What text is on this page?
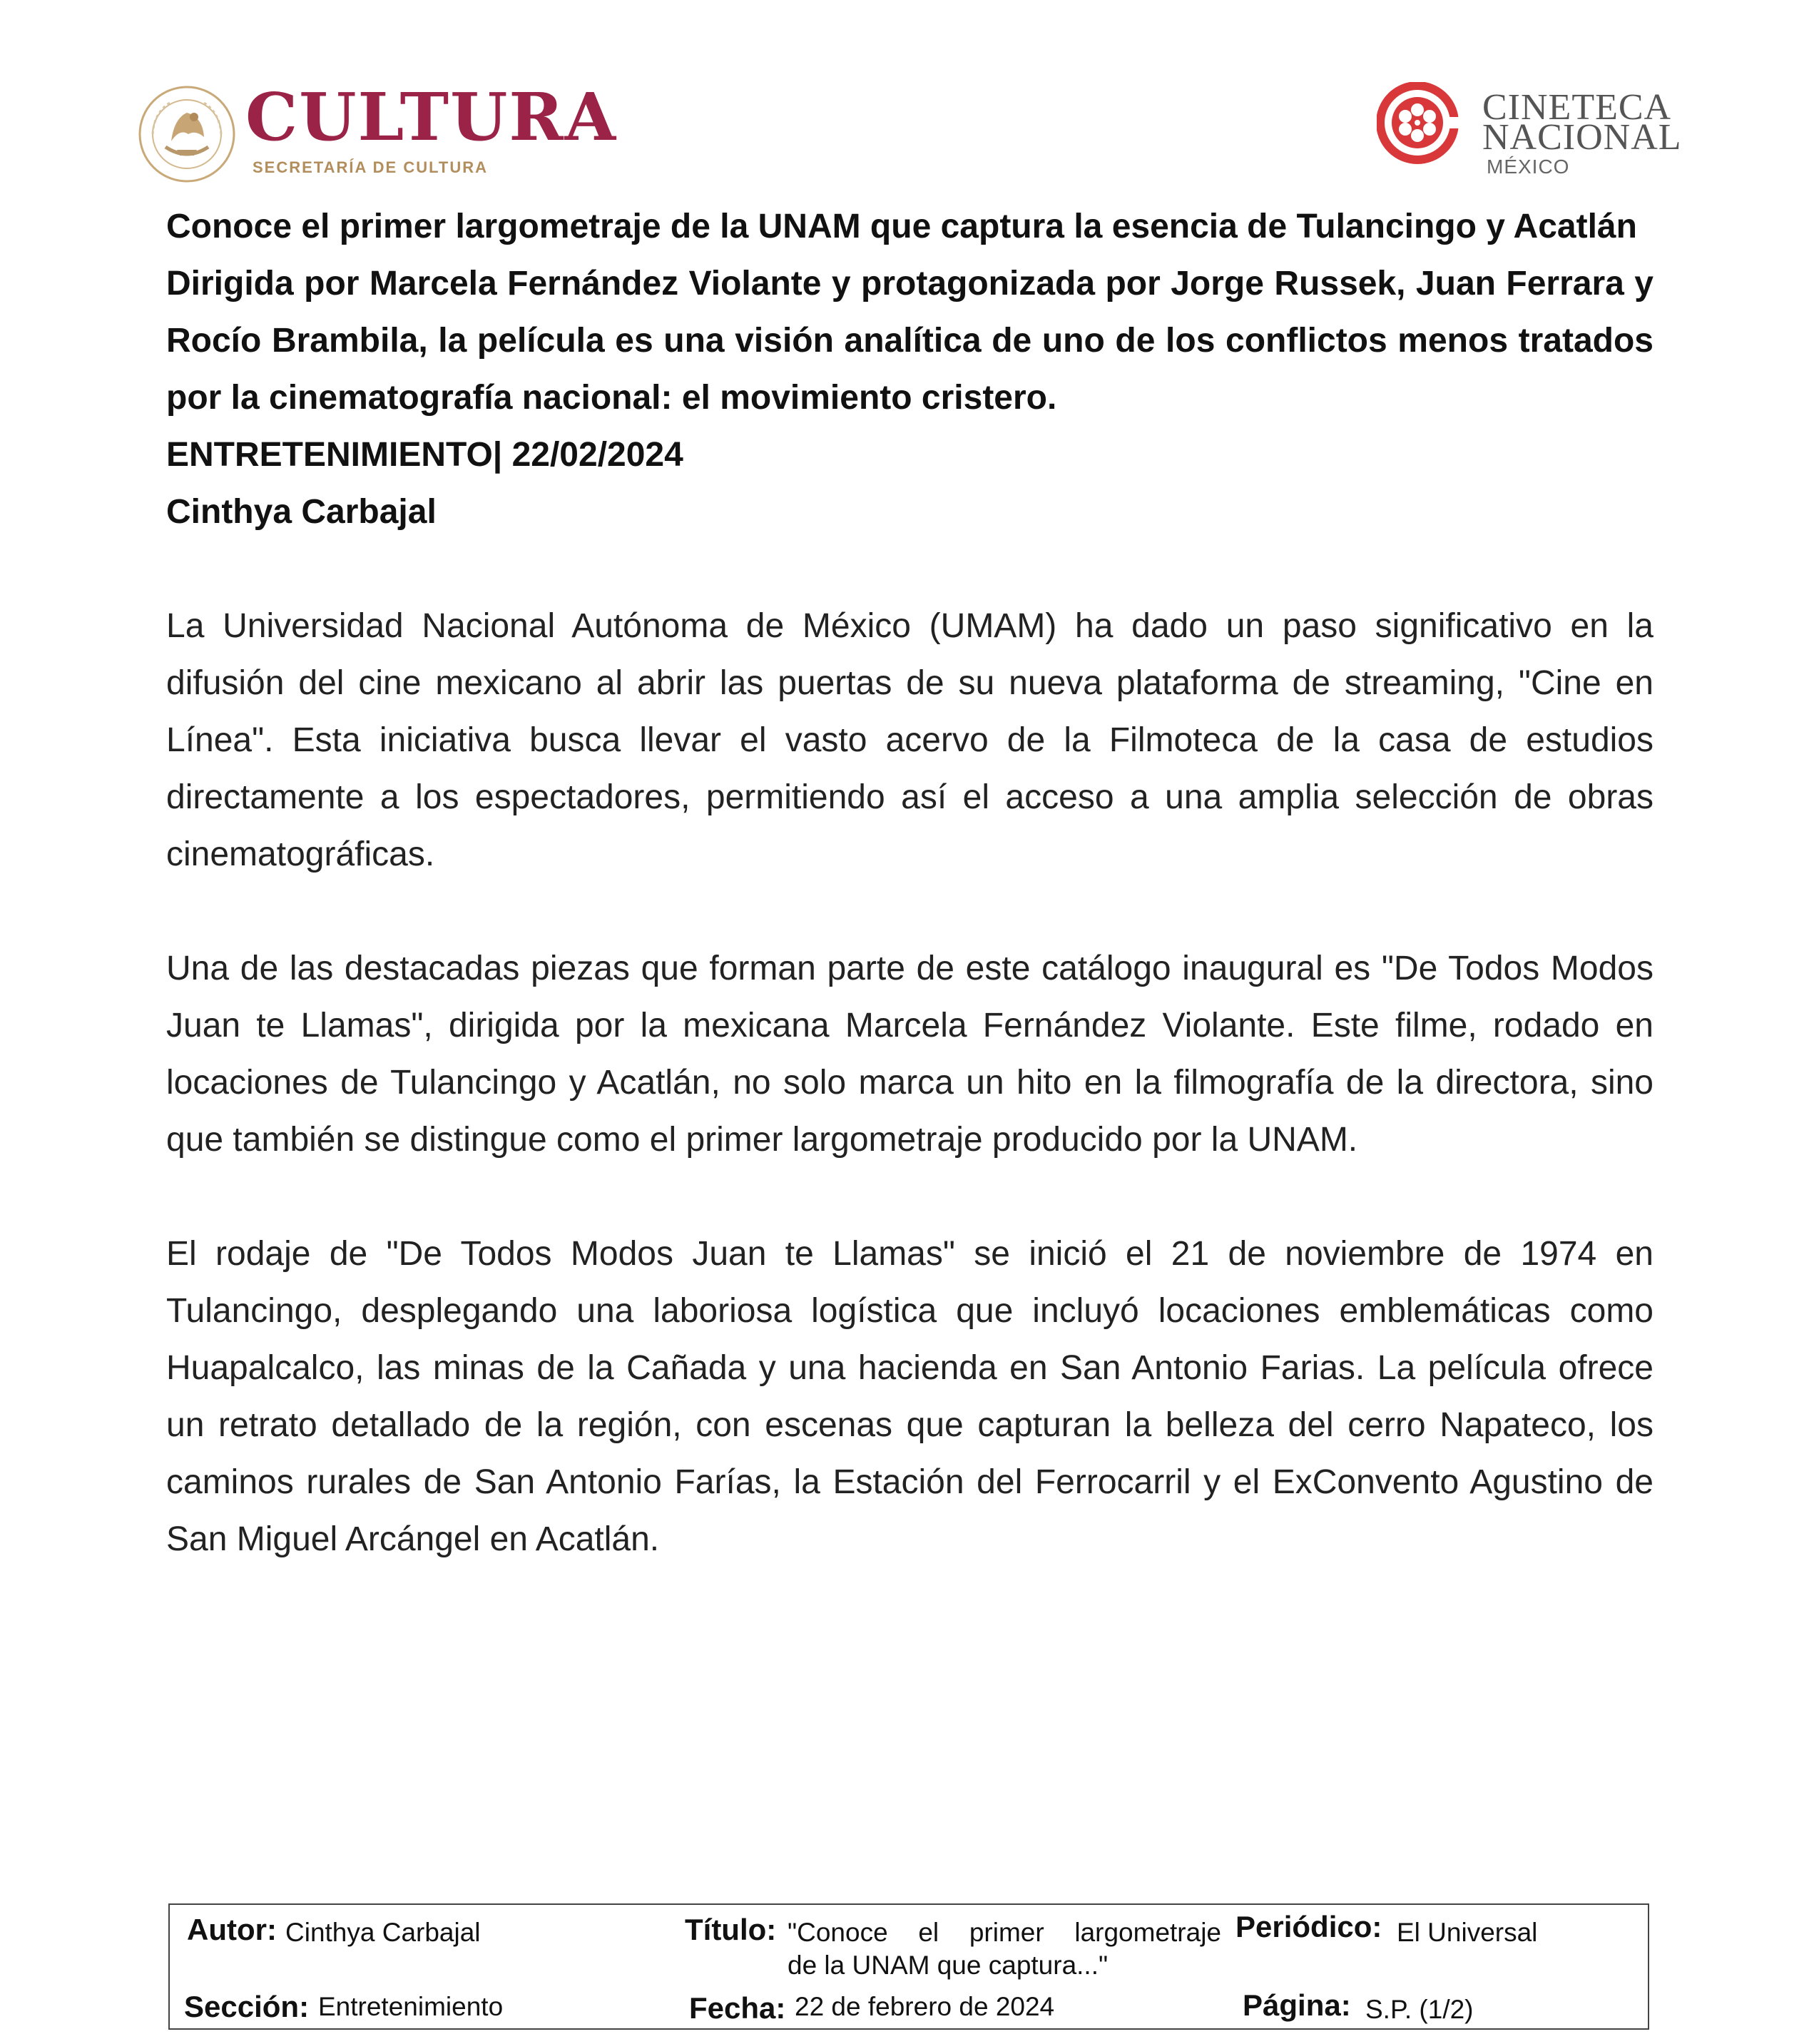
CULTURA
SECRETARÍA DE CULTURA
CINETECA
NACIONAL
MÉXICO

Conoce el primer largometraje de la UNAM que captura la esencia de Tulancingo y Acatlán

Dirigida por Marcela Fernández Violante y protagonizada por Jorge Russek, Juan Ferrara y Rocío Brambila, la película es una visión analítica de uno de los conflictos menos tratados por la cinematografía nacional: el movimiento cristero.

ENTRETENIMIENTO| 22/02/2024

Cinthya Carbajal

La Universidad Nacional Autónoma de México (UMAM) ha dado un paso significativo en la difusión del cine mexicano al abrir las puertas de su nueva plataforma de streaming, "Cine en Línea". Esta iniciativa busca llevar el vasto acervo de la Filmoteca de la casa de estudios directamente a los espectadores, permitiendo así el acceso a una amplia selección de obras cinematográficas.

Una de las destacadas piezas que forman parte de este catálogo inaugural es "De Todos Modos Juan te Llamas", dirigida por la mexicana Marcela Fernández Violante. Este filme, rodado en locaciones de Tulancingo y Acatlán, no solo marca un hito en la filmografía de la directora, sino que también se distingue como el primer largometraje producido por la UNAM.

El rodaje de "De Todos Modos Juan te Llamas" se inició el 21 de noviembre de 1974 en Tulancingo, desplegando una laboriosa logística que incluyó locaciones emblemáticas como Huapalcalco, las minas de la Cañada y una hacienda en San Antonio Farias. La película ofrece un retrato detallado de la región, con escenas que capturan la belleza del cerro Napateco, los caminos rurales de San Antonio Farías, la Estación del Ferrocarril y el ExConvento Agustino de San Miguel Arcángel en Acatlán.

Autor: Cinthya Carbajal	Título: "Conoce el primer largometraje
de la UNAM que captura..."
Periódico: El Universal
Sección: Entretenimiento	Fecha: 22 de febrero de 2024	Página: S.P. (1/2)
